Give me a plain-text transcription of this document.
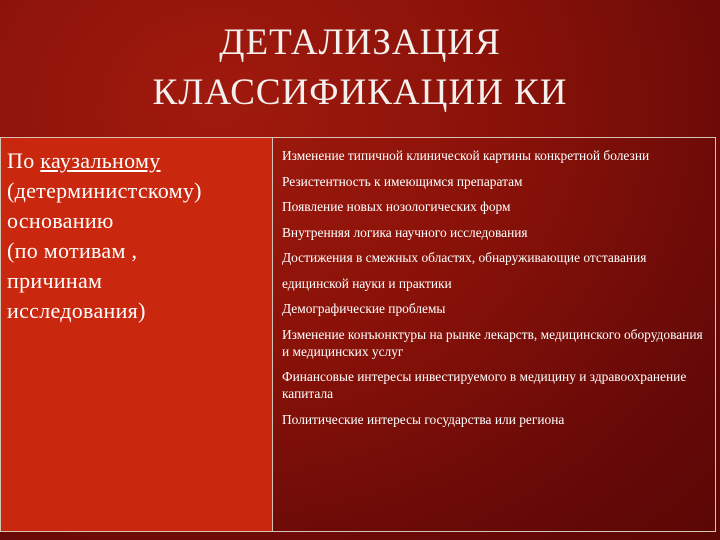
ДЕТАЛИЗАЦИЯ
КЛАССИФИКАЦИИ КИ

По каузальному

(детерминистскому)

основанию

(по мотивам ,

причинам

исследования)

Изменение типичной клинической картины конкретной болезни
Резистентность к имеющимся препаратам
Появление новых нозологических форм
Внутренняя логика научного исследования
Достижения в смежных областях, обнаруживающие отставания
едицинской науки и практики
Демографические проблемы
Изменение конъюнктуры на рынке лекарств, медицинского оборудования и медицинских услуг
Финансовые интересы инвестируемого в медицину и здравоохранение капитала
Политические интересы государства или региона
